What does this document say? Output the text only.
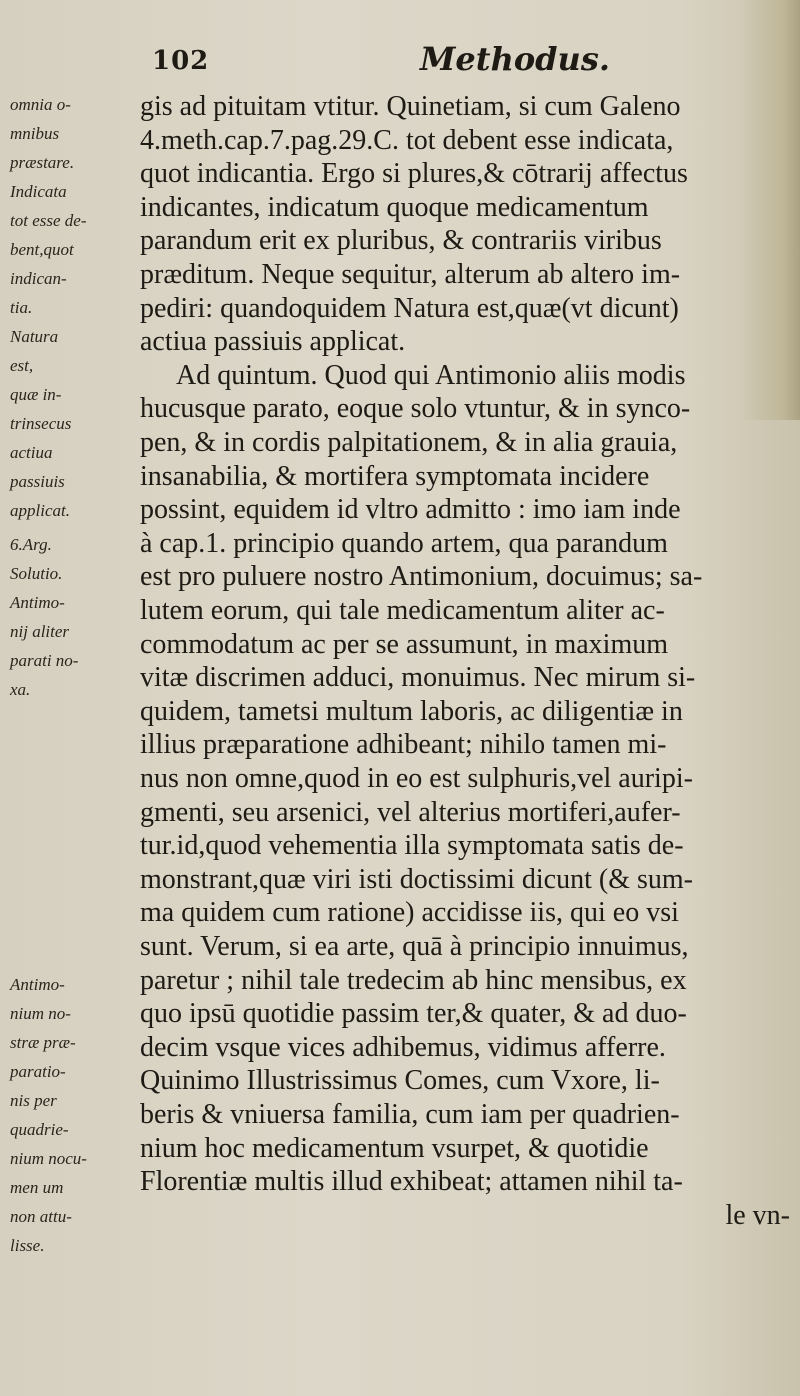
102	Methodus.
omnia o-
mnibus
præstare.
Indicata
tot esse de-
bent,quot
indican-
tia.
Natura
est,
quæ in-
trinsecus
actiua
passiuis
applicat.
6.Arg.
Solutio.
Antimo-
nij aliter
parati no-
xa.
Antimo-
nium no-
stræ præ-
paratio-
nis per
quadrie-
nium nocu-
men um
non attu-
lisse.
gis ad pituitam vtitur. Quinetiam, si cum Galeno
4.meth.cap.7.pag.29.C. tot debent esse indicata,
quot indicantia. Ergo si plures,& cōtrarij affectus
indicantes, indicatum quoque medicamentum
parandum erit ex pluribus, & contrariis viribus
præditum. Neque sequitur, alterum ab altero im-
pediri: quandoquidem Natura est,quæ(vt dicunt)
actiua passiuis applicat.
Ad quintum. Quod qui Antimonio aliis modis
hucusque parato, eoque solo vtuntur, & in synco-
pen, & in cordis palpitationem, & in alia grauia,
insanabilia, & mortifera symptomata incidere
possint, equidem id vltro admitto : imo iam inde
à cap.1. principio quando artem, qua parandum
est pro puluere nostro Antimonium, docuimus; sa-
lutem eorum, qui tale medicamentum aliter ac-
commodatum ac per se assumunt, in maximum
vitæ discrimen adduci, monuimus. Nec mirum si-
quidem, tametsi multum laboris, ac diligentiæ in
illius præparatione adhibeant; nihilo tamen mi-
nus non omne,quod in eo est sulphuris,vel auripi-
gmenti, seu arsenici, vel alterius mortiferi,aufer-
tur.id,quod vehementia illa symptomata satis de-
monstrant,quæ viri isti doctissimi dicunt (& sum-
ma quidem cum ratione) accidisse iis, qui eo vsi
sunt. Verum, si ea arte, quā à principio innuimus,
paretur ; nihil tale tredecim ab hinc mensibus, ex
quo ipsū quotidie passim ter,& quater, & ad duo-
decim vsque vices adhibemus, vidimus afferre.
Quinimo Illustrissimus Comes, cum Vxore, li-
beris & vniuersa familia, cum iam per quadrien-
nium hoc medicamentum vsurpet, & quotidie
Florentiæ multis illud exhibeat; attamen nihil ta-
le vn-
